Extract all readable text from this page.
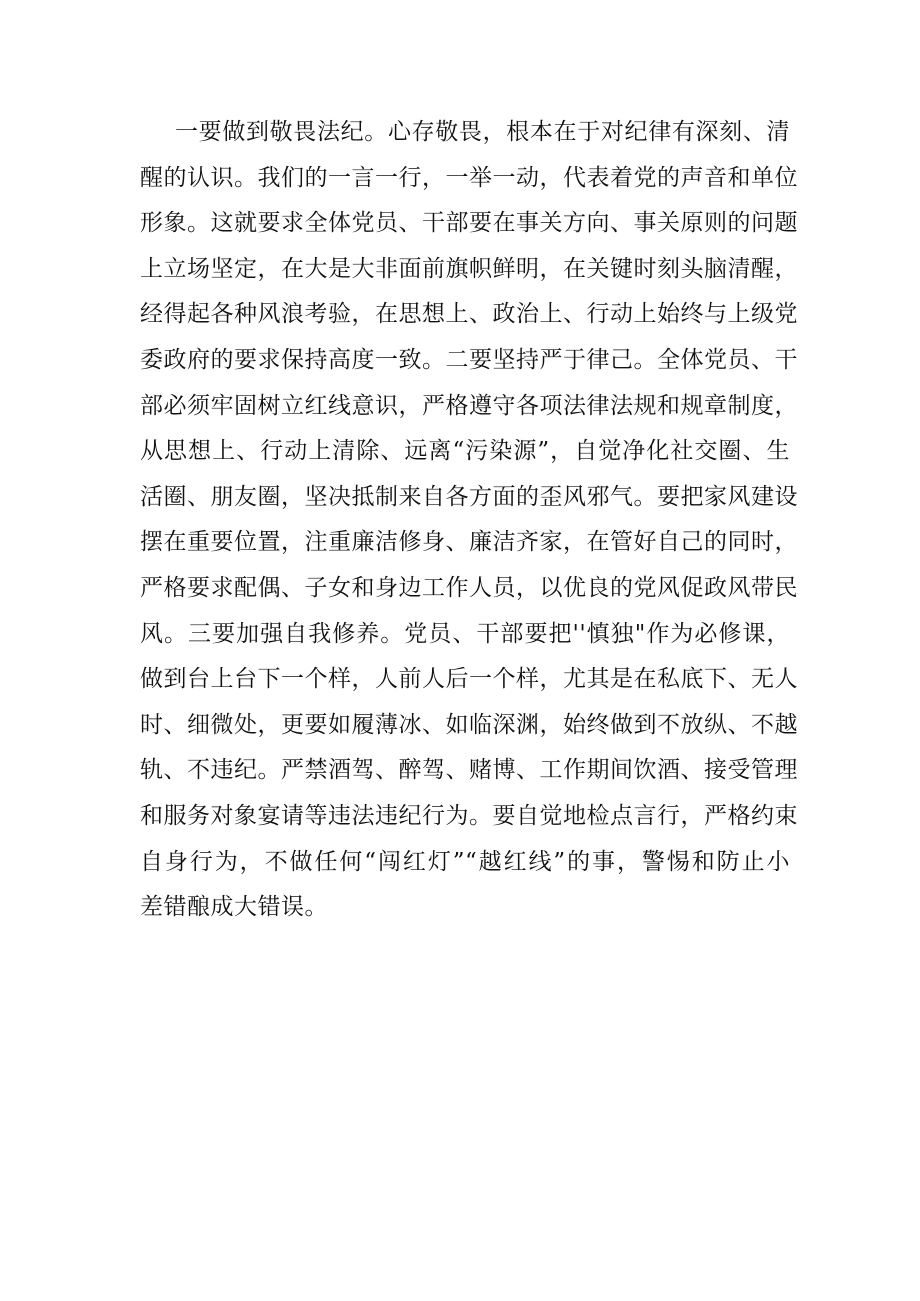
一要做到敬畏法纪。心存敬畏，根本在于对纪律有深刻、清
醒的认识。我们的一言一行，一举一动，代表着党的声音和单位
形象。这就要求全体党员、干部要在事关方向、事关原则的问题
上立场坚定，在大是大非面前旗帜鲜明，在关键时刻头脑清醒，
经得起各种风浪考验，在思想上、政治上、行动上始终与上级党
委政府的要求保持高度一致。二要坚持严于律己。全体党员、干
部必须牢固树立红线意识，严格遵守各项法律法规和规章制度，
从思想上、行动上清除、远离“污染源”，自觉净化社交圈、生
活圈、朋友圈，坚决抵制来自各方面的歪风邪气。要把家风建设
摆在重要位置，注重廉洁修身、廉洁齐家，在管好自己的同时，
严格要求配偶、子女和身边工作人员，以优良的党风促政风带民
风。三要加强自我修养。党员、干部要把''慎独"作为必修课，
做到台上台下一个样，人前人后一个样，尤其是在私底下、无人
时、细微处，更要如履薄冰、如临深渊，始终做到不放纵、不越
轨、不违纪。严禁酒驾、醉驾、赌博、工作期间饮酒、接受管理
和服务对象宴请等违法违纪行为。要自觉地检点言行，严格约束
自身行为，不做任何“闯红灯”“越红线”的事，警惕和防止小
差错酿成大错误。
